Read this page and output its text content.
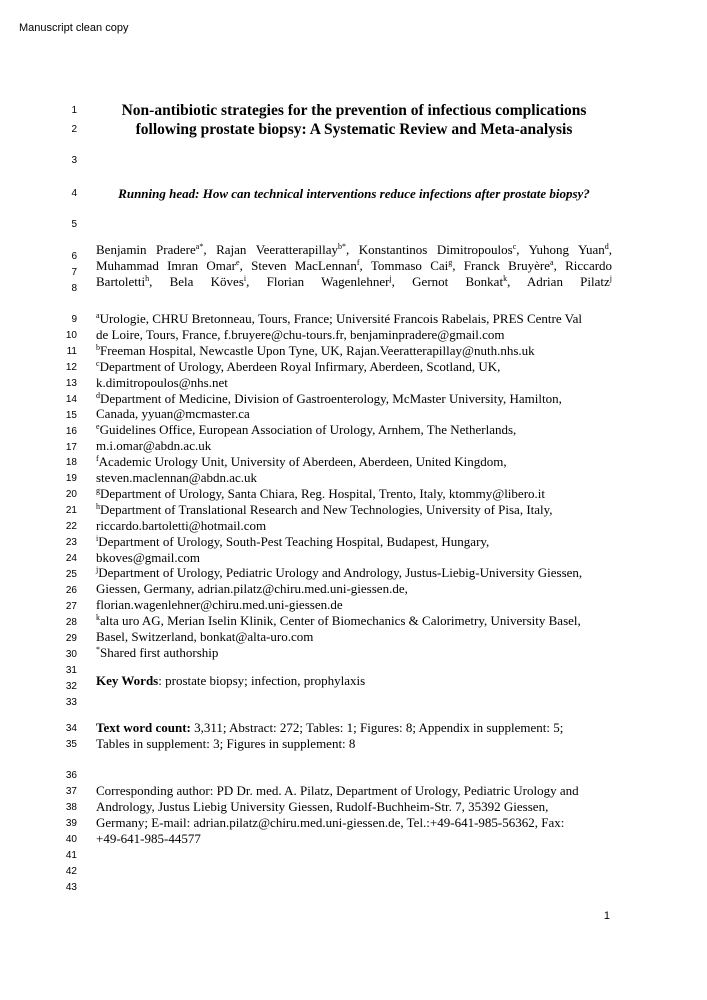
Manuscript clean copy
1
2
3
4
5
6
7
8
9
10
11
12
13
14
15
16
17
18
19
20
21
22
23
24
25
26
27
28
29
30
31
32
33
34
35
36
37
38
39
40
41
42
43
Non-antibiotic strategies for the prevention of infectious complications
following prostate biopsy: A Systematic Review and Meta-analysis
Running head: How can technical interventions reduce infections after prostate biopsy?
Benjamin Pradere$^{a*}$, Rajan Veeratterapillay$^{b*}$, Konstantinos Dimitropoulos$^c$, Yuhong Yuan$^d$,
Muhammad Imran Omar$^e$, Steven MacLennan$^f$, Tommaso Cai$^g$, Franck Bruyère$^a$, Riccardo
Bartoletti$^h$, Bela Köves$^i$, Florian Wagenlehner$^j$, Gernot Bonkat$^k$, Adrian Pilatz$^j$
$^a$Urologie, CHRU Bretonneau, Tours, France; Université Francois Rabelais, PRES Centre Val
de Loire, Tours, France, f.bruyere@chu-tours.fr, benjaminpradere@gmail.com
$^b$Freeman Hospital, Newcastle Upon Tyne, UK, Rajan.Veeratterapillay@nuth.nhs.uk
$^c$Department of Urology, Aberdeen Royal Infirmary, Aberdeen, Scotland, UK,
k.dimitropoulos@nhs.net
$^d$Department of Medicine, Division of Gastroenterology, McMaster University, Hamilton,
Canada, yyuan@mcmaster.ca
$^e$Guidelines Office, European Association of Urology, Arnhem, The Netherlands,
m.i.omar@abdn.ac.uk
$^f$Academic Urology Unit, University of Aberdeen, Aberdeen, United Kingdom,
steven.maclennan@abdn.ac.uk
$^g$Department of Urology, Santa Chiara, Reg. Hospital, Trento, Italy, ktommy@libero.it
$^h$Department of Translational Research and New Technologies, University of Pisa, Italy,
riccardo.bartoletti@hotmail.com
$^i$Department of Urology, South-Pest Teaching Hospital, Budapest, Hungary,
bkoves@gmail.com
$^j$Department of Urology, Pediatric Urology and Andrology, Justus-Liebig-University Giessen,
Giessen, Germany, adrian.pilatz@chiru.med.uni-giessen.de,
florian.wagenlehner@chiru.med.uni-giessen.de
$^k$alta uro AG, Merian Iselin Klinik, Center of Biomechanics & Calorimetry, University Basel,
Basel, Switzerland, bonkat@alta-uro.com
*Shared first authorship
Key Words: prostate biopsy; infection, prophylaxis
Text word count: 3,311; Abstract: 272; Tables: 1; Figures: 8; Appendix in supplement: 5;
Tables in supplement: 3; Figures in supplement: 8
Corresponding author: PD Dr. med. A. Pilatz, Department of Urology, Pediatric Urology and
Andrology, Justus Liebig University Giessen, Rudolf-Buchheim-Str. 7, 35392 Giessen,
Germany; E-mail: adrian.pilatz@chiru.med.uni-giessen.de, Tel.:+49-641-985-56362, Fax:
+49-641-985-44577
1
